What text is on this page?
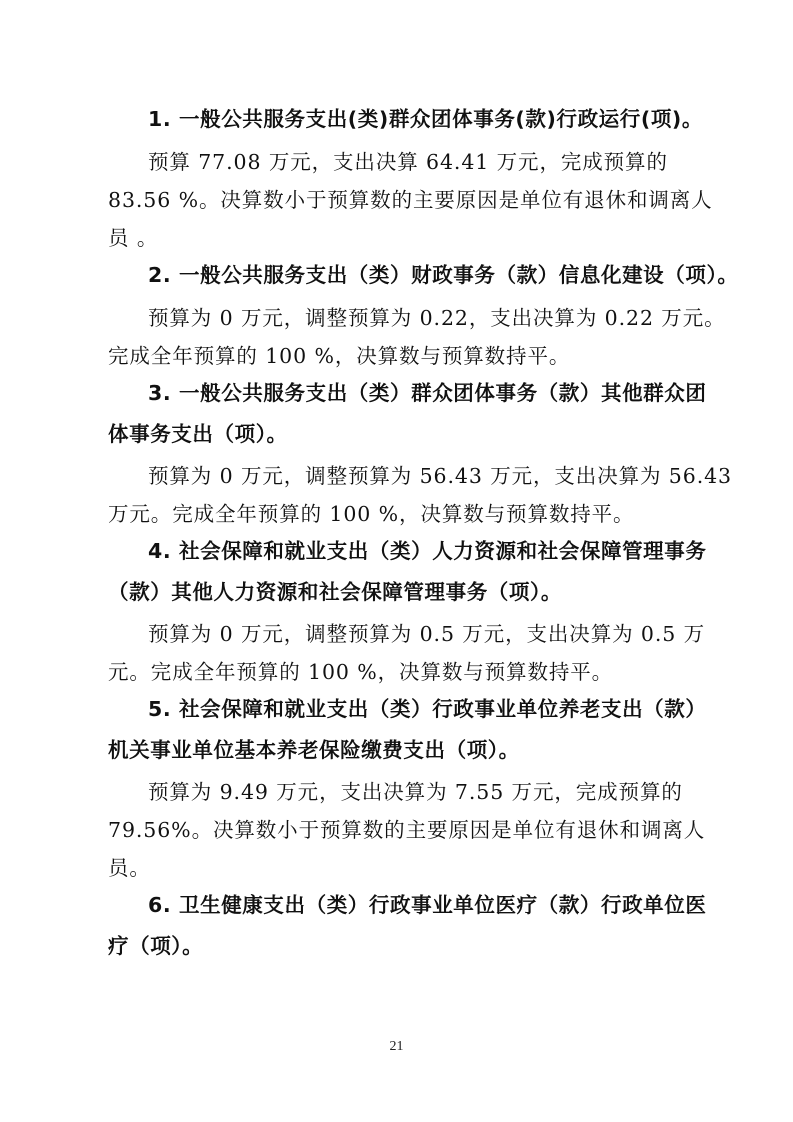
1. 一般公共服务支出(类)群众团体事务(款)行政运行(项)。
预算 77.08 万元，支出决算 64.41 万元，完成预算的
83.56 %。决算数小于预算数的主要原因是单位有退休和调离人
员 。
2. 一般公共服务支出（类）财政事务（款）信息化建设（项）。
预算为 0 万元，调整预算为 0.22，支出决算为 0.22 万元。
完成全年预算的 100 %，决算数与预算数持平。
3. 一般公共服务支出（类）群众团体事务（款）其他群众团
体事务支出（项）。
预算为 0 万元，调整预算为 56.43 万元，支出决算为 56.43
万元。完成全年预算的 100 %，决算数与预算数持平。
4. 社会保障和就业支出（类）人力资源和社会保障管理事务
（款）其他人力资源和社会保障管理事务（项）。
预算为 0 万元，调整预算为 0.5 万元，支出决算为 0.5 万
元。完成全年预算的 100 %，决算数与预算数持平。
5. 社会保障和就业支出（类）行政事业单位养老支出（款）
机关事业单位基本养老保险缴费支出（项）。
预算为 9.49 万元，支出决算为 7.55 万元，完成预算的
79.56%。决算数小于预算数的主要原因是单位有退休和调离人
员。
6. 卫生健康支出（类）行政事业单位医疗（款）行政单位医
疗（项）。
21
